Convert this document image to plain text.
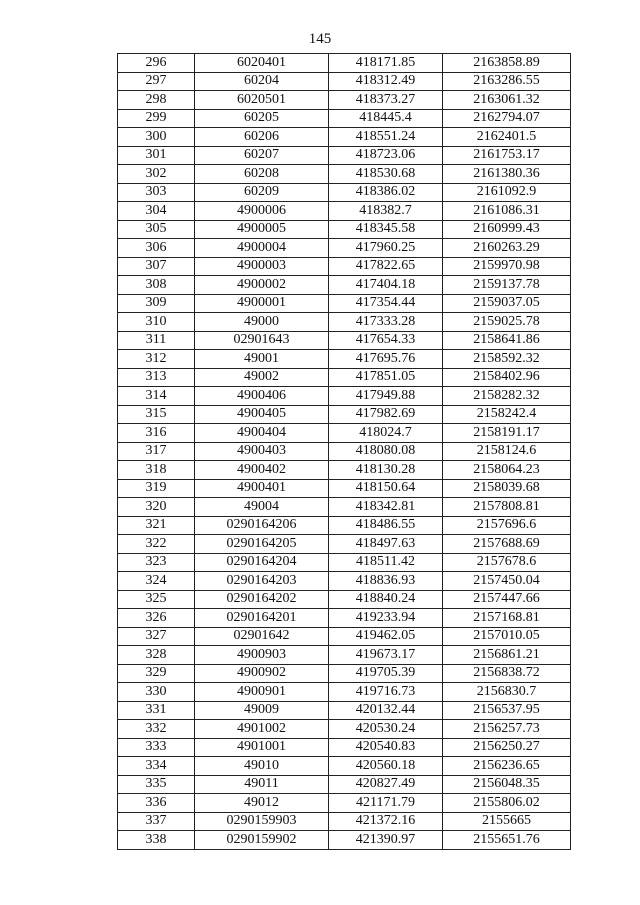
145
296	6020401	418171.85	2163858.89
297	60204	418312.49	2163286.55
298	6020501	418373.27	2163061.32
299	60205	418445.4	2162794.07
300	60206	418551.24	2162401.5
301	60207	418723.06	2161753.17
302	60208	418530.68	2161380.36
303	60209	418386.02	2161092.9
304	4900006	418382.7	2161086.31
305	4900005	418345.58	2160999.43
306	4900004	417960.25	2160263.29
307	4900003	417822.65	2159970.98
308	4900002	417404.18	2159137.78
309	4900001	417354.44	2159037.05
310	49000	417333.28	2159025.78
311	02901643	417654.33	2158641.86
312	49001	417695.76	2158592.32
313	49002	417851.05	2158402.96
314	4900406	417949.88	2158282.32
315	4900405	417982.69	2158242.4
316	4900404	418024.7	2158191.17
317	4900403	418080.08	2158124.6
318	4900402	418130.28	2158064.23
319	4900401	418150.64	2158039.68
320	49004	418342.81	2157808.81
321	0290164206	418486.55	2157696.6
322	0290164205	418497.63	2157688.69
323	0290164204	418511.42	2157678.6
324	0290164203	418836.93	2157450.04
325	0290164202	418840.24	2157447.66
326	0290164201	419233.94	2157168.81
327	02901642	419462.05	2157010.05
328	4900903	419673.17	2156861.21
329	4900902	419705.39	2156838.72
330	4900901	419716.73	2156830.7
331	49009	420132.44	2156537.95
332	4901002	420530.24	2156257.73
333	4901001	420540.83	2156250.27
334	49010	420560.18	2156236.65
335	49011	420827.49	2156048.35
336	49012	421171.79	2155806.02
337	0290159903	421372.16	2155665
338	0290159902	421390.97	2155651.76
